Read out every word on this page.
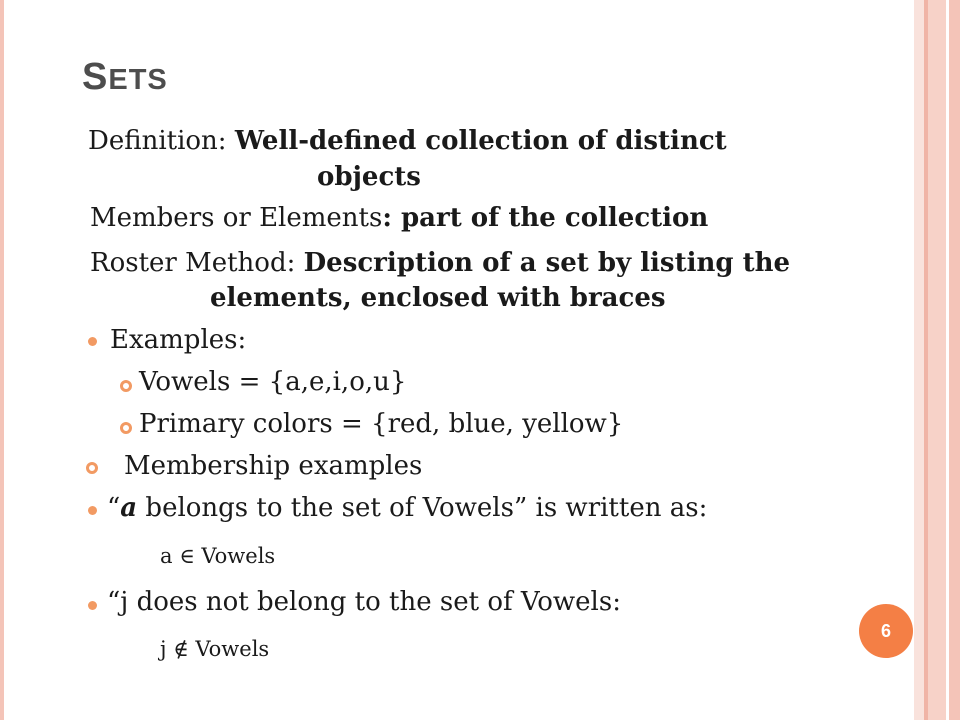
SETS
Definition: Well-defined collection of distinct
objects
Members or Elements: part of the collection
Roster Method: Description of a set by listing the
elements, enclosed with braces
Examples:
Vowels = {a,e,i,o,u}
Primary colors = {red, blue, yellow}
Membership examples
“a belongs to the set of Vowels” is written as:
a ∈ Vowels
“j does not belong to the set of Vowels:
j ∉ Vowels
6
